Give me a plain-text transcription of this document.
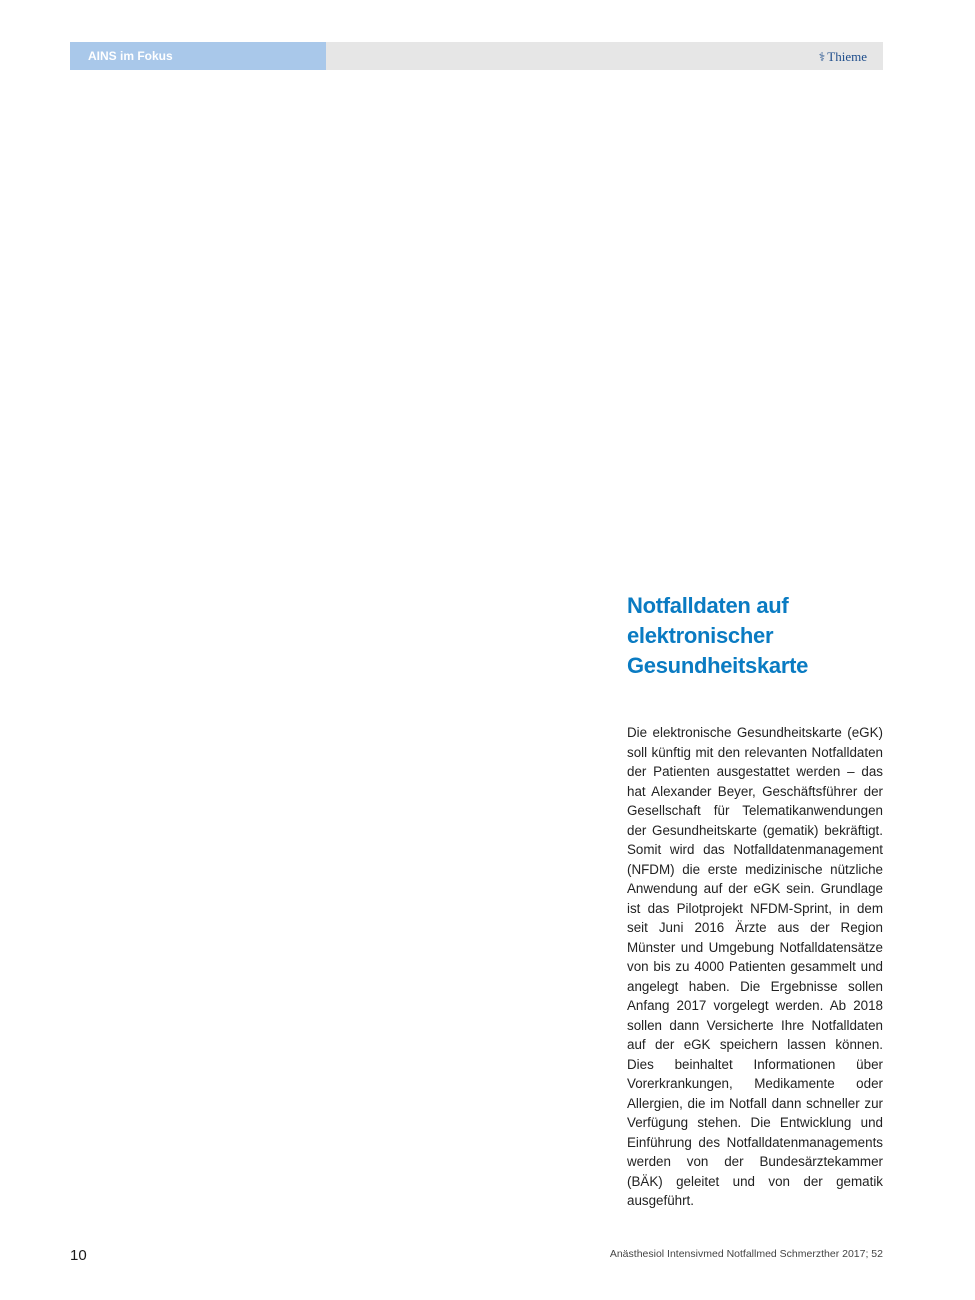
AINS im Fokus	⚕ Thieme
Notfalldaten auf
elektronischer
Gesundheitskarte

Die elektronische Gesundheitskarte (eGK) soll künftig mit den relevanten Notfalldaten der Patienten ausgestattet werden – das hat Alexander Beyer, Geschäftsführer der Gesellschaft für Telematikanwendungen der Gesundheitskarte (gematik) bekräftigt. Somit wird das Notfalldatenmanagement (NFDM) die erste medizinische nützliche Anwendung auf der eGK sein. Grundlage ist das Pilotprojekt NFDM-Sprint, in dem seit Juni 2016 Ärzte aus der Region Münster und Umgebung Notfalldatensätze von bis zu 4000 Patienten gesammelt und angelegt haben. Die Ergebnisse sollen Anfang 2017 vorgelegt werden. Ab 2018 sollen dann Versicherte Ihre Notfalldaten auf der eGK speichern lassen können. Dies beinhaltet Informationen über Vorerkrankungen, Medikamente oder Allergien, die im Notfall dann schneller zur Verfügung stehen. Die Entwicklung und Einführung des Notfalldatenmanagements werden von der Bundesärztekammer (BÄK) geleitet und von der gematik ausgeführt.

10	Anästhesiol Intensivmed Notfallmed Schmerzther 2017; 52
